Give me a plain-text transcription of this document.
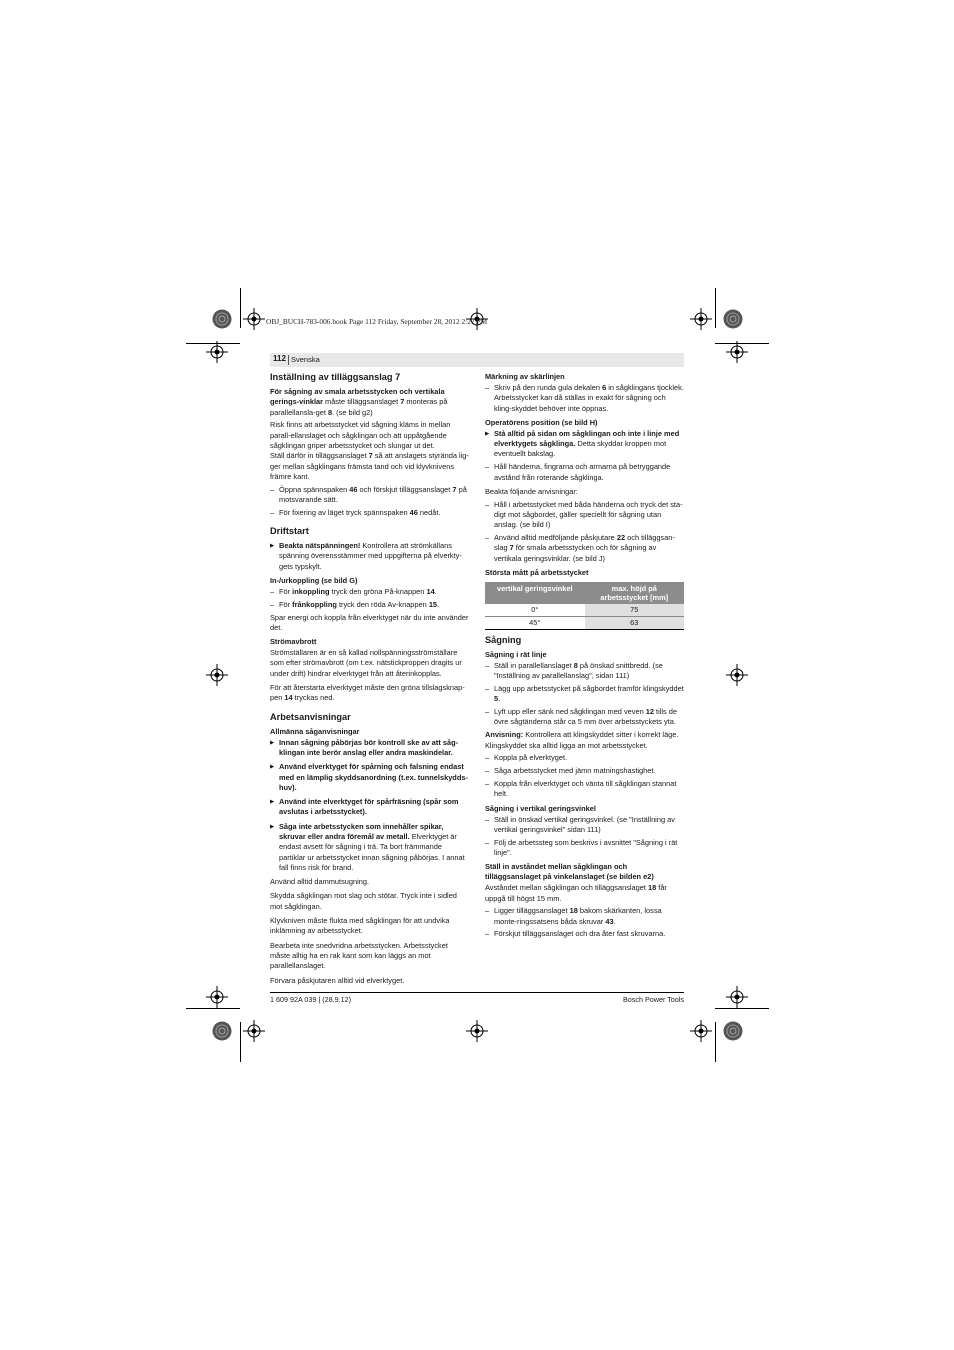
OBJ_BUCH-783-006.book Page 112 Friday, September 28, 2012 2:27 PM
112 Svenska
Inställning av tilläggsanslag 7

För sågning av smala arbetsstycken och vertikala gerings-vinklar måste tilläggsanslaget 7 monteras på parallellansla-get 8. (se bild g2)

Risk finns att arbetsstycket vid sågning kläms in mellan parall-ellanslaget och sågklingan och att uppåtgående sågklingan griper arbetsstycket och slungar ut det.

Ställ därför in tilläggsanslaget 7 så att anslagets styrända lig-ger mellan sågklingans främsta tand och vid klyvknivens främre kant.

– Öppna spännspaken 46 och förskjut tilläggsanslaget 7 på motsvarande sätt.

– För fixering av läget tryck spännspaken 46 nedåt.

Driftstart

▶ Beakta nätspänningen! Kontrollera att strömkällans spänning överensstämmer med uppgifterna på elverkty-gets typskylt.

In-/urkoppling (se bild G)

– För inkoppling tryck den gröna På-knappen 14.

– För frånkoppling tryck den röda Av-knappen 15.

Spar energi och koppla från elverktyget när du inte använder det.

Strömavbrott

Strömställaren är en så kallad nollspänningsströmställare som efter strömavbrott (om t.ex. nätstickproppen dragits ur under drift) hindrar elverktyget från att återinkopplas.

För att återstarta elverktyget måste den gröna tillslagsknap-pen 14 tryckas ned.

Arbetsanvisningar
Allmänna såganvisningar

▶ Innan sågning påbörjas bör kontroll ske av att såg-klingan inte berör anslag eller andra maskindelar.

▶ Använd elverktyget för spårning och falsning endast med en lämplig skyddsanordning (t.ex. tunnelskydds-huv).

▶ Använd inte elverktyget för spårfräsning (spår som avslutas i arbetsstycket).

▶ Såga inte arbetsstycken som innehåller spikar, skruvar eller andra föremål av metall. Elverktyget är endast avsett för sågning i trä. Ta bort främmande partiklar ur arbetsstycket innan sågning påbörjas. I annat fall finns risk för brand.

Använd alltid dammutsugning.

Skydda sågklingan mot slag och stötar. Tryck inte i sidled mot sågklingan.

Klyvkniven måste flukta med sågklingan för att undvika inklämning av arbetsstycket.

Bearbeta inte snedvridna arbetsstycken. Arbetsstycket måste alltig ha en rak kant som kan läggs an mot parallellanslaget.

Förvara påskjutaren alltid vid elverktyget.

Märkning av skärlinjen

– Skriv på den runda gula dekalen 6 in sågklingans tjocklek. Arbetsstycket kan då ställas in exakt för sågning och kling-skyddet behöver inte öppnas.

Operatörens position (se bild H)

▶ Stå alltid på sidan om sågklingan och inte i linje med elverktygets sågklinga. Detta skyddar kroppen mot eventuellt bakslag.

– Håll händerna, fingrarna och armarna på betryggande avstånd från roterande sågklinga.

Beakta följande anvisningar:

– Håll i arbetsstycket med båda händerna och tryck det sta-digt mot sågbordet, gäller speciellt för sågning utan anslag. (se bild I)

– Använd alltid medföljande påskjutare 22 och tilläggsan-slag 7 för smala arbetsstycken och för sågning av vertikala geringsvinklar. (se bild J)

Största mått på arbetsstycket
vertikal geringsvinkel	max. höjd på arbetsstycket [mm]
0°	75
45°	63
Sågning
Sågning i rät linje

– Ställ in parallellanslaget 8 på önskad snittbredd. (se "Inställning av parallellanslag", sidan 111)

– Lägg upp arbetsstycket på sågbordet framför klingskyddet 5.

– Lyft upp eller sänk ned sågklingan med veven 12 tills de övre sågtänderna står ca 5 mm över arbetsstyckets yta.

Anvisning: Kontrollera att klingskyddet sitter i korrekt läge.

Klingskyddet ska alltid ligga an mot arbetsstycket.

– Koppla på elverktyget.

– Såga arbetsstycket med jämn matningshastighet.

– Koppla från elverktyget och vänta till sågklingan stannat helt.

Sågning i vertikal geringsvinkel

– Ställ in önskad vertikal geringsvinkel. (se "Inställning av vertikal geringsvinkel" sidan 111)

– Följ de arbetssteg som beskrivs i avsnittet "Sågning i rät linje".

Ställ in avståndet mellan sågklingan och tilläggsanslaget på vinkelanslaget (se bilden e2)

Avståndet mellan sågklingan och tilläggsanslaget 18 får uppgå till högst 15 mm.

– Ligger tilläggsanslaget 18 bakom skärkanten, lossa monte-ringssatsens båda skruvar 43.

– Förskjut tilläggsanslaget och dra åter fast skruvarna.

1 609 92A 039 | (28.9.12)	Bosch Power Tools
